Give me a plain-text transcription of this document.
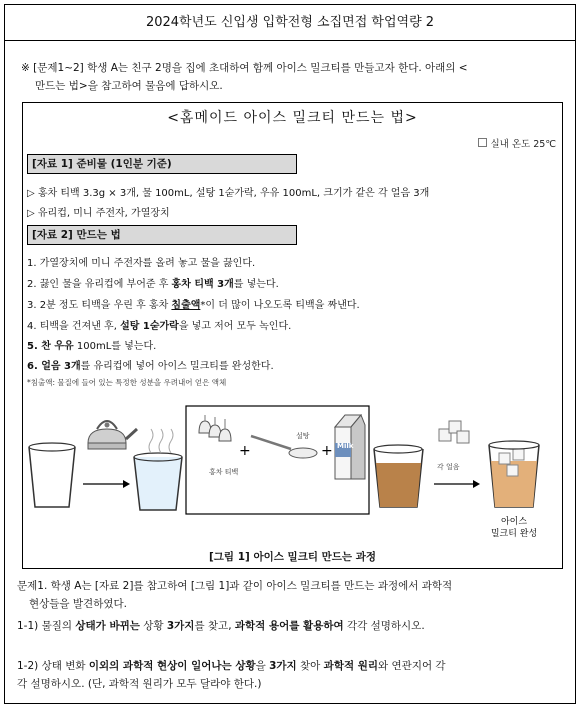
2024학년도 신입생 입학전형 소집면접 학업역량 2
※ [문제1~2] 학생 A는 친구 2명을 집에 초대하여 함께 아이스 밀크티를 만들고자 한다. 아래의 <
만드는 법>을 참고하여 물음에 답하시오.
<홈메이드 아이스 밀크티 만드는 법>
실내 온도 25℃
[자료 1] 준비물 (1인분 기준)
▷ 홍차 티백 3.3g × 3개, 물 100mL, 설탕 1숟가락, 우유 100mL, 크기가 같은 각 얼음 3개
▷ 유리컵, 미니 주전자, 가열장치
[자료 2] 만드는 법
1. 가열장치에 미니 주전자를 올려 놓고 물을 끓인다.
2. 끓인 물을 유리컵에 부어준 후 홍차 티백 3개를 넣는다.
3. 2분 정도 티백을 우린 후 홍차 침출액*이 더 많이 나오도록 티백을 짜낸다.
4. 티백을 건져낸 후, 설탕 1숟가락을 넣고 저어 모두 녹인다.
5. 찬 우유 100mL를 넣는다.
6. 얼음 3개를 유리컵에 넣어 아이스 밀크티를 완성한다.
*침출액: 물질에 들어 있는 특정한 성분을 우려내어 얻은 액체
홍차 티백
+
설탕
+ Milk
각 얼음
아이스
밀크티 완성
[그림 1] 아이스 밀크티 만드는 과정
문제1. 학생 A는 [자료 2]를 참고하여 [그림 1]과 같이 아이스 밀크티를 만드는 과정에서 과학적
현상들을 발견하였다.
1-1) 물질의 상태가 바뀌는 상황 3가지를 찾고, 과학적 용어를 활용하여 각각 설명하시오.
1-2) 상태 변화 이외의 과학적 현상이 일어나는 상황을 3가지 찾아 과학적 원리와 연관지어 각
각 설명하시오. (단, 과학적 원리가 모두 달라야 한다.)
